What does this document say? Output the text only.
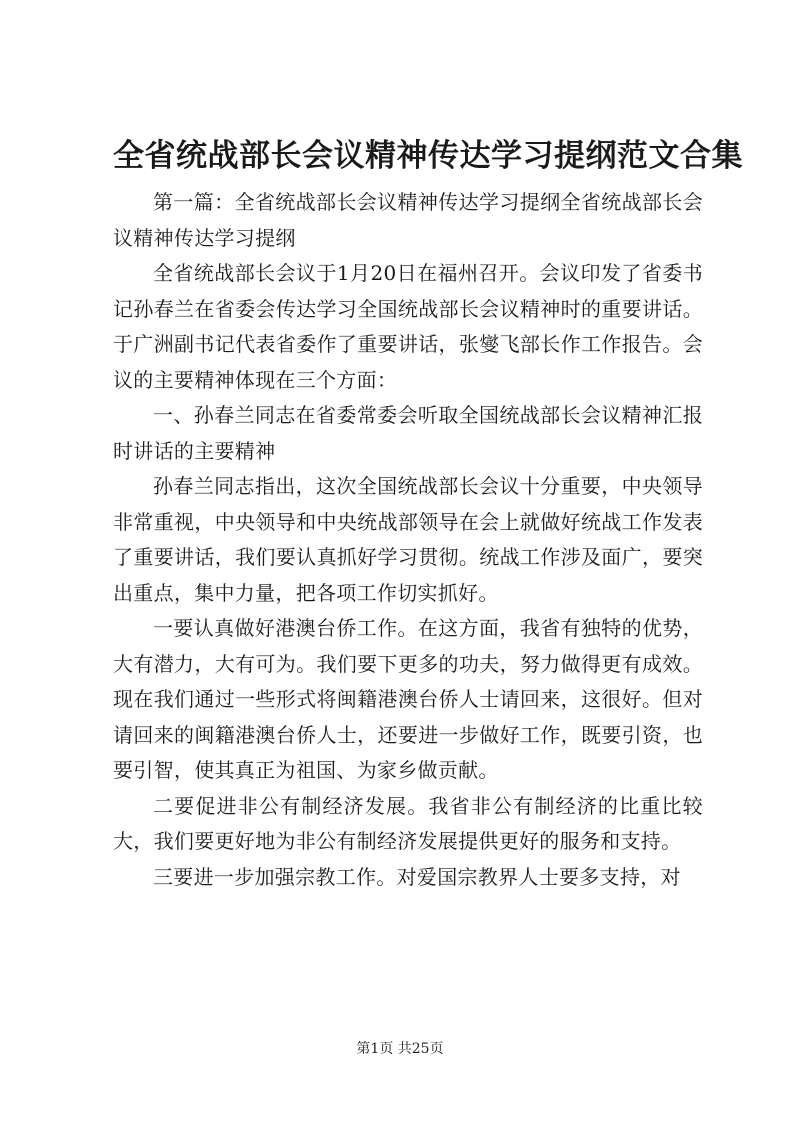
全省统战部长会议精神传达学习提纲范文合集

第一篇：全省统战部长会议精神传达学习提纲全省统战部长会议精神传达学习提纲

全省统战部长会议于1月20日在福州召开。会议印发了省委书记孙春兰在省委会传达学习全国统战部长会议精神时的重要讲话。于广洲副书记代表省委作了重要讲话，张燮飞部长作工作报告。会议的主要精神体现在三个方面：

一、孙春兰同志在省委常委会听取全国统战部长会议精神汇报时讲话的主要精神

孙春兰同志指出，这次全国统战部长会议十分重要，中央领导非常重视，中央领导和中央统战部领导在会上就做好统战工作发表了重要讲话，我们要认真抓好学习贯彻。统战工作涉及面广，要突出重点，集中力量，把各项工作切实抓好。

一要认真做好港澳台侨工作。在这方面，我省有独特的优势，大有潜力，大有可为。我们要下更多的功夫，努力做得更有成效。现在我们通过一些形式将闽籍港澳台侨人士请回来，这很好。但对请回来的闽籍港澳台侨人士，还要进一步做好工作，既要引资，也要引智，使其真正为祖国、为家乡做贡献。

二要促进非公有制经济发展。我省非公有制经济的比重比较大，我们要更好地为非公有制经济发展提供更好的服务和支持。

三要进一步加强宗教工作。对爱国宗教界人士要多支持，对

第1页 共25页
